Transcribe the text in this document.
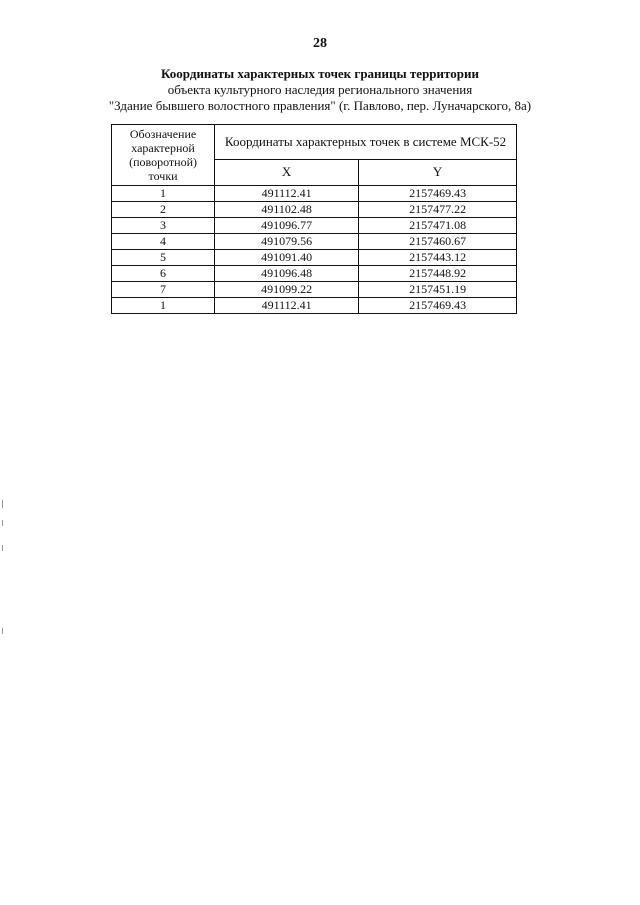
28
Координаты характерных точек границы территории
объекта культурного наследия регионального значения
"Здание бывшего волостного правления" (г. Павлово, пер. Луначарского, 8а)
Обозначение характерной (поворотной) точки	Координаты характерных точек в системе МСК-52	
	X	Y
1	491112.41	2157469.43
2	491102.48	2157477.22
3	491096.77	2157471.08
4	491079.56	2157460.67
5	491091.40	2157443.12
6	491096.48	2157448.92
7	491099.22	2157451.19
1	491112.41	2157469.43
